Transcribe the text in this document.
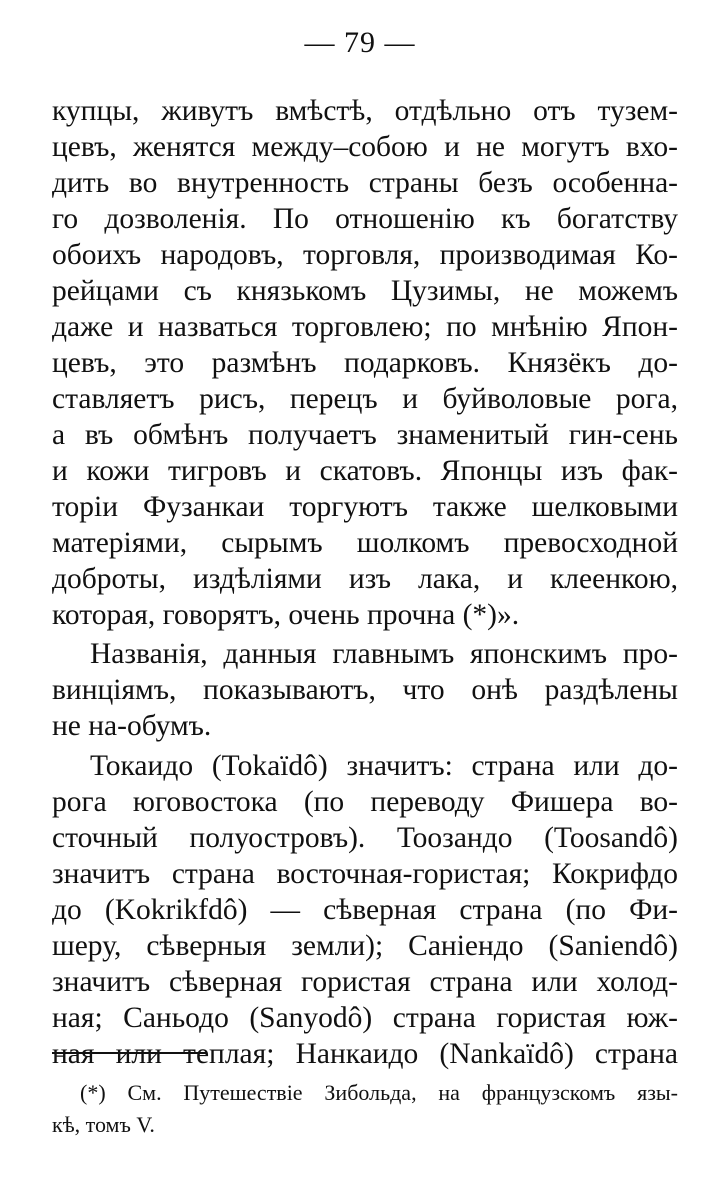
— 79 —
купцы, живутъ вмѣстѣ, отдѣльно отъ тузем-
цевъ, женятся между–собою и не могутъ вхо-
дить во внутренность страны безъ особенна-
го дозволенія. По отношенію къ богатству
обоихъ народовъ, торговля, производимая Ко-
рейцами съ князькомъ Цузимы, не можемъ
даже и назваться торговлею; по мнѣнію Япон-
цевъ, это размѣнъ подарковъ. Князёкъ до-
ставляетъ рисъ, перецъ и буйволовые рога,
а въ обмѣнъ получаетъ знаменитый гин-сень
и кожи тигровъ и скатовъ. Японцы изъ фак-
торіи Фузанкаи торгуютъ также шелковыми
матеріями, сырымъ шолкомъ превосходной
доброты, издѣліями изъ лака, и клеенкою,
которая, говорятъ, очень прочна (*)».
Названія, данныя главнымъ японскимъ про-
винціямъ, показываютъ, что онѣ раздѣлены
не на-обумъ.
Токаидо (Tokaïdô) значитъ: страна или до-
рога юговостока (по переводу Фишера во-
сточный полуостровъ). Тоозандо (Toosandô)
значитъ страна восточная-гористая; Кокрифдо
до (Kokrikfdô) — сѣверная страна (по Фи-
шеру, сѣверныя земли); Саніендо (Saniendô)
значитъ сѣверная гористая страна или холод-
ная; Саньодо (Sanyodô) страна гористая юж-
ная или теплая; Нанкаидо (Nankaïdô) страна
(*) См. Путешествіе Зибольда, на французскомъ язы-
кѣ, томъ V.
